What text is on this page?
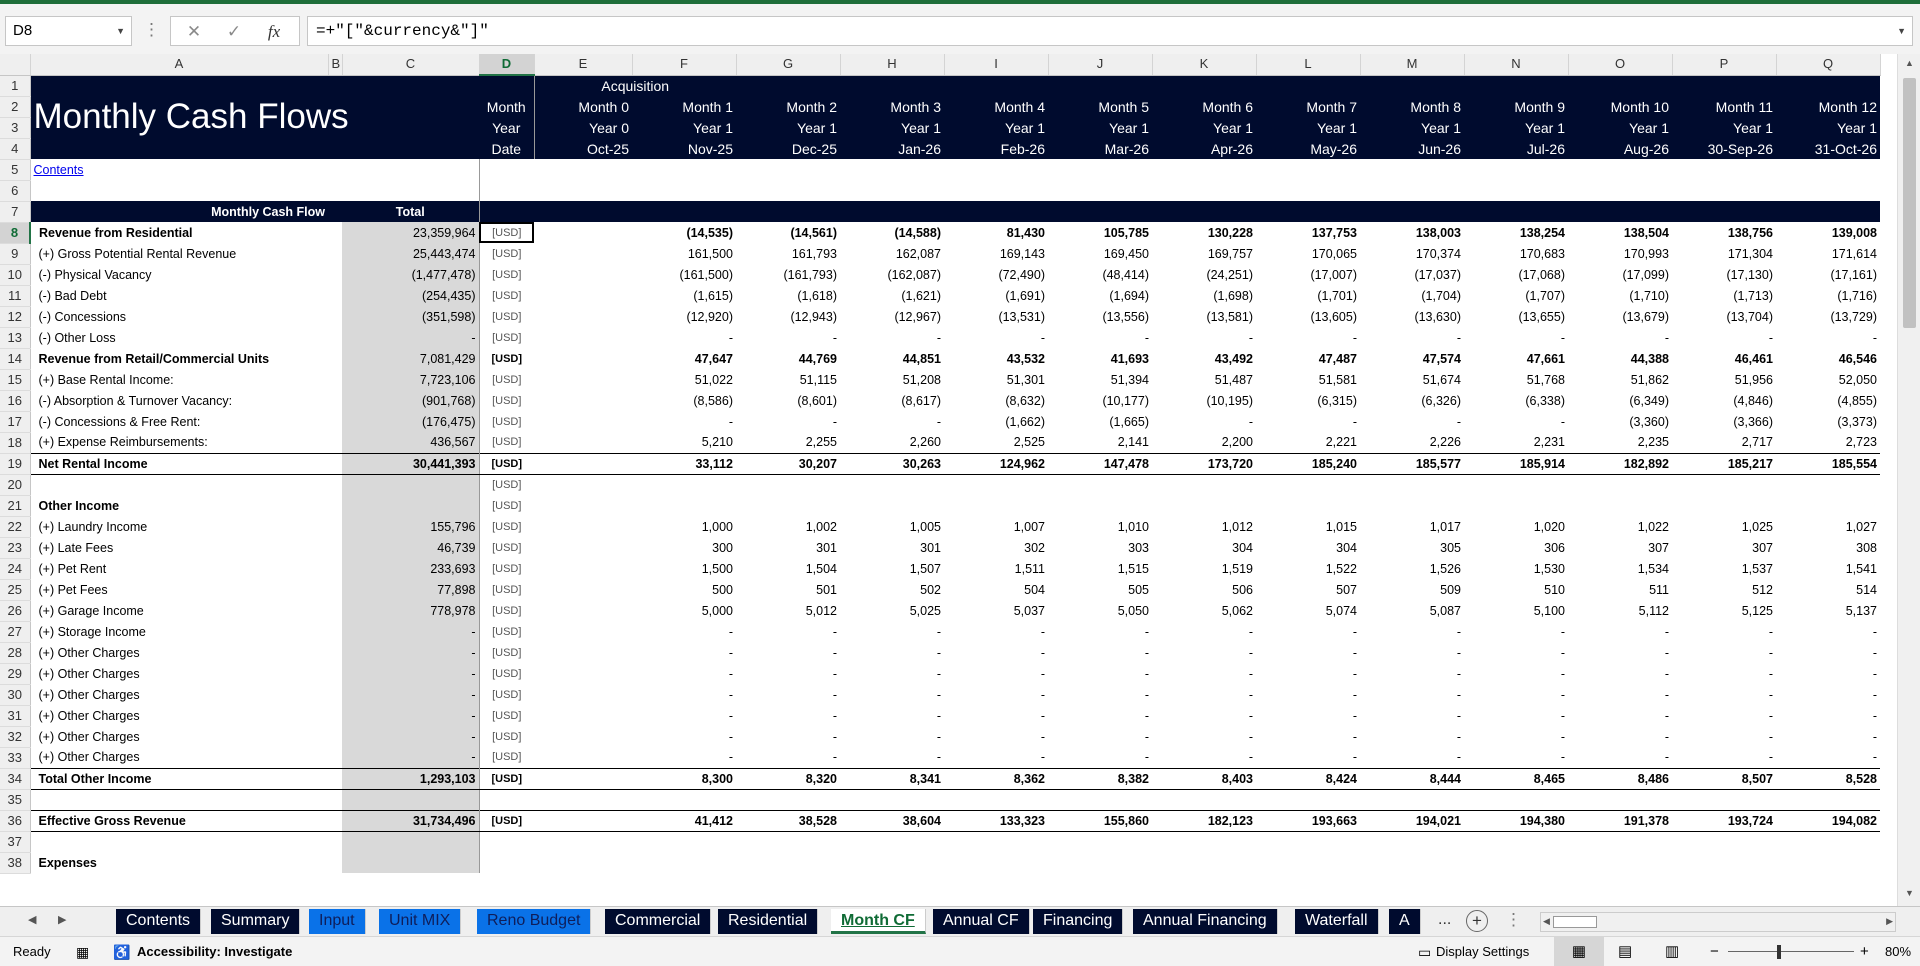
D8	▼ ⋮	✕	✓	fx	=+"["&currency&"]"	▼
	A	B	C	D	E	F	G	H	I	J	K	L	M	N	O	P	Q
1	Monthly Cash Flows				Acquisition												
2				Month	Month 0	Month 1	Month 2	Month 3	Month 4	Month 5	Month 6	Month 7	Month 8	Month 9	Month 10	Month 11	Month 12
3				Year	Year 0	Year 1	Year 1	Year 1	Year 1	Year 1	Year 1	Year 1	Year 1	Year 1	Year 1	Year 1	Year 1
4				Date	Oct-25	Nov-25	Dec-25	Jan-26	Feb-26	Mar-26	Apr-26	May-26	Jun-26	Jul-26	Aug-26	30-Sep-26	31-Oct-26
5	Contents																
6																	
7	Monthly Cash Flow		Total														
8	Revenue from Residential		23,359,964	[USD]		(14,535)	(14,561)	(14,588)	81,430	105,785	130,228	137,753	138,003	138,254	138,504	138,756	139,008
9	(+) Gross Potential Rental Revenue		25,443,474	[USD]		161,500	161,793	162,087	169,143	169,450	169,757	170,065	170,374	170,683	170,993	171,304	171,614
10	(-) Physical Vacancy		(1,477,478)	[USD]		(161,500)	(161,793)	(162,087)	(72,490)	(48,414)	(24,251)	(17,007)	(17,037)	(17,068)	(17,099)	(17,130)	(17,161)
11	(-) Bad Debt		(254,435)	[USD]		(1,615)	(1,618)	(1,621)	(1,691)	(1,694)	(1,698)	(1,701)	(1,704)	(1,707)	(1,710)	(1,713)	(1,716)
12	(-) Concessions		(351,598)	[USD]		(12,920)	(12,943)	(12,967)	(13,531)	(13,556)	(13,581)	(13,605)	(13,630)	(13,655)	(13,679)	(13,704)	(13,729)
13	(-) Other Loss		-	[USD]		-	-	-	-	-	-	-	-	-	-	-	-
14	Revenue from Retail/Commercial Units		7,081,429	[USD]		47,647	44,769	44,851	43,532	41,693	43,492	47,487	47,574	47,661	44,388	46,461	46,546
15	(+) Base Rental Income:		7,723,106	[USD]		51,022	51,115	51,208	51,301	51,394	51,487	51,581	51,674	51,768	51,862	51,956	52,050
16	(-) Absorption & Turnover Vacancy:		(901,768)	[USD]		(8,586)	(8,601)	(8,617)	(8,632)	(10,177)	(10,195)	(6,315)	(6,326)	(6,338)	(6,349)	(4,846)	(4,855)
17	(-) Concessions & Free Rent:		(176,475)	[USD]		-	-	-	(1,662)	(1,665)	-	-	-	-	(3,360)	(3,366)	(3,373)
18	(+) Expense Reimbursements:		436,567	[USD]		5,210	2,255	2,260	2,525	2,141	2,200	2,221	2,226	2,231	2,235	2,717	2,723
19	Net Rental Income		30,441,393	[USD]		33,112	30,207	30,263	124,962	147,478	173,720	185,240	185,577	185,914	182,892	185,217	185,554
20				[USD]													
21	Other Income			[USD]													
22	(+) Laundry Income		155,796	[USD]		1,000	1,002	1,005	1,007	1,010	1,012	1,015	1,017	1,020	1,022	1,025	1,027
23	(+) Late Fees		46,739	[USD]		300	301	301	302	303	304	304	305	306	307	307	308
24	(+) Pet Rent		233,693	[USD]		1,500	1,504	1,507	1,511	1,515	1,519	1,522	1,526	1,530	1,534	1,537	1,541
25	(+) Pet Fees		77,898	[USD]		500	501	502	504	505	506	507	509	510	511	512	514
26	(+) Garage Income		778,978	[USD]		5,000	5,012	5,025	5,037	5,050	5,062	5,074	5,087	5,100	5,112	5,125	5,137
27	(+) Storage Income		-	[USD]		-	-	-	-	-	-	-	-	-	-	-	-
28	(+) Other Charges		-	[USD]		-	-	-	-	-	-	-	-	-	-	-	-
29	(+) Other Charges		-	[USD]		-	-	-	-	-	-	-	-	-	-	-	-
30	(+) Other Charges		-	[USD]		-	-	-	-	-	-	-	-	-	-	-	-
31	(+) Other Charges		-	[USD]		-	-	-	-	-	-	-	-	-	-	-	-
32	(+) Other Charges		-	[USD]		-	-	-	-	-	-	-	-	-	-	-	-
33	(+) Other Charges		-	[USD]		-	-	-	-	-	-	-	-	-	-	-	-
34	Total Other Income		1,293,103	[USD]		8,300	8,320	8,341	8,362	8,382	8,403	8,424	8,444	8,465	8,486	8,507	8,528
35																	
36	Effective Gross Revenue		31,734,496	[USD]		41,412	38,528	38,604	133,323	155,860	182,123	193,663	194,021	194,380	191,378	193,724	194,082
37																	
38	Expenses																
▲
▼
◀ ▶	Contents	Summary	Input	Unit MIX	Reno Budget	Commercial	Residential	Month CF	Annual CF	Financing	Annual Financing	Waterfall	A	...	+	⋮ ◀	▶
Ready ▦ ♿ Accessibility: Investigate	▭ Display Settings	▦	▤ ▥ −	+ 80%
